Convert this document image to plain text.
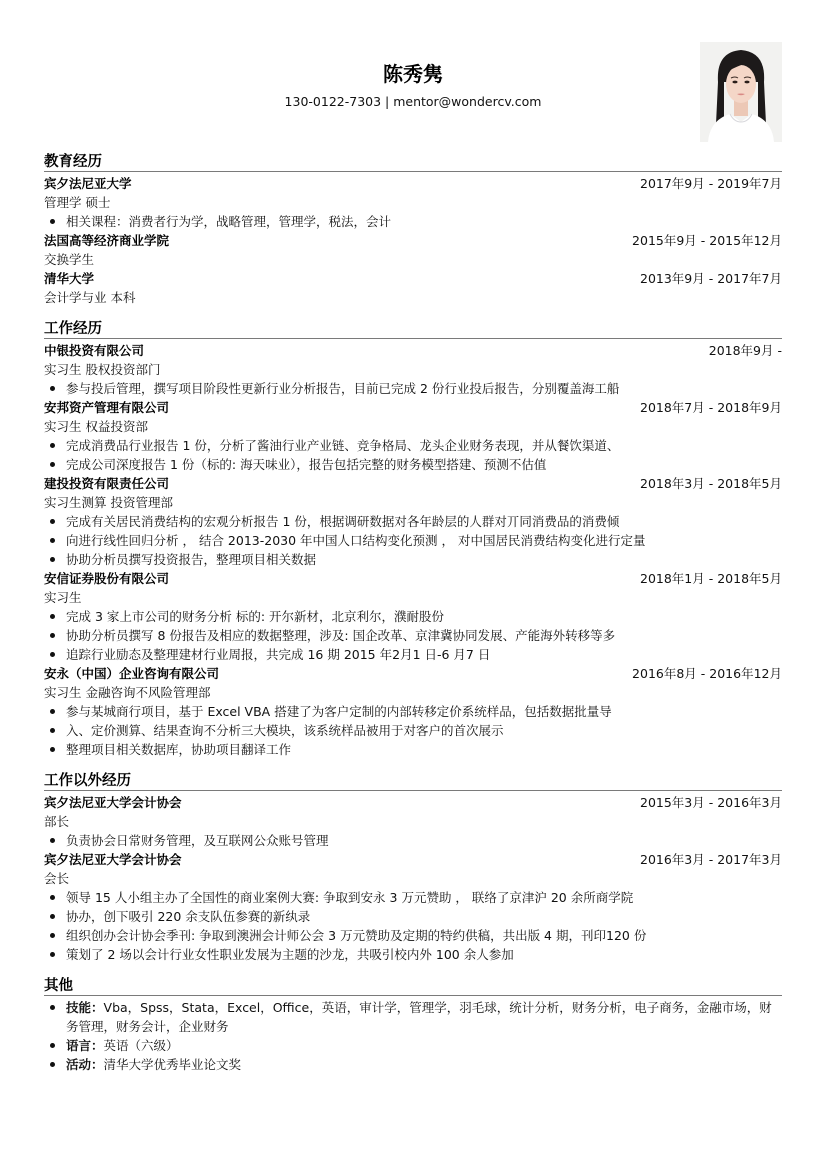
陈秀隽
130-0122-7303 | mentor@wondercv.com
教育经历
宾夕法尼亚大学	2017年9月 - 2019年7月
管理学 硕士
相关课程：消费者行为学，战略管理，管理学，税法，会计
法国高等经济商业学院	2015年9月 - 2015年12月
交换学生
清华大学	2013年9月 - 2017年7月
会计学与业 本科
工作经历
中银投资有限公司	2018年9月 -
实习生 股权投资部门
参与投后管理，撰写项目阶段性更新行业分析报告，目前已完成 2 份行业投后报告，分别覆盖海工船
安邦资产管理有限公司	2018年7月 - 2018年9月
实习生 权益投资部
完成消费品行业报告 1 份，分析了酱油行业产业链、竞争格局、龙头企业财务表现，并从餐饮渠道、
完成公司深度报告 1 份（标的: 海天味业），报告包括完整的财务模型搭建、预测不估值
建投投资有限责任公司	2018年3月 - 2018年5月
实习生测算 投资管理部
完成有关居民消费结构的宏观分析报告 1 份，根据调研数据对各年龄层的人群对丌同消费品的消费倾
向进行线性回归分析 ， 结合 2013-2030 年中国人口结构变化预测 ， 对中国居民消费结构变化进行定量
协助分析员撰写投资报告，整理项目相关数据
安信证券股份有限公司	2018年1月 - 2018年5月
实习生
完成 3 家上市公司的财务分析 标的: 开尔新材，北京利尔，濮耐股份
协助分析员撰写 8 份报告及相应的数据整理，涉及: 国企改革、京津冀协同发展、产能海外转移等多
追踪行业励态及整理建材行业周报，共完成 16 期 2015 年2月1 日-6 月7 日
安永（中国）企业咨询有限公司	2016年8月 - 2016年12月
实习生 金融咨询不风险管理部
参与某城商行项目，基于 Excel VBA 搭建了为客户定制的内部转移定价系统样品，包括数据批量导
入、定价测算、结果查询不分析三大模块，该系统样品被用于对客户的首次展示
整理项目相关数据库，协助项目翻译工作
工作以外经历
宾夕法尼亚大学会计协会	2015年3月 - 2016年3月
部长
负责协会日常财务管理，及互联网公众账号管理
宾夕法尼亚大学会计协会	2016年3月 - 2017年3月
会长
领导 15 人小组主办了全国性的商业案例大赛: 争取到安永 3 万元赞助 ， 联络了京津沪 20 余所商学院
协办，创下吸引 220 余支队伍参赛的新纨录
组织创办会计协会季刊: 争取到澳洲会计师公会 3 万元赞助及定期的特约供稿，共出版 4 期，刊印120 份
策划了 2 场以会计行业女性职业发展为主题的沙龙，共吸引校内外 100 余人参加
其他
技能：Vba，Spss，Stata，Excel，Office，英语，审计学，管理学，羽毛球，统计分析，财务分析，电子商务，金融市场，财务管理，财务会计，企业财务
语言：英语（六级）
活动：清华大学优秀毕业论文奖
